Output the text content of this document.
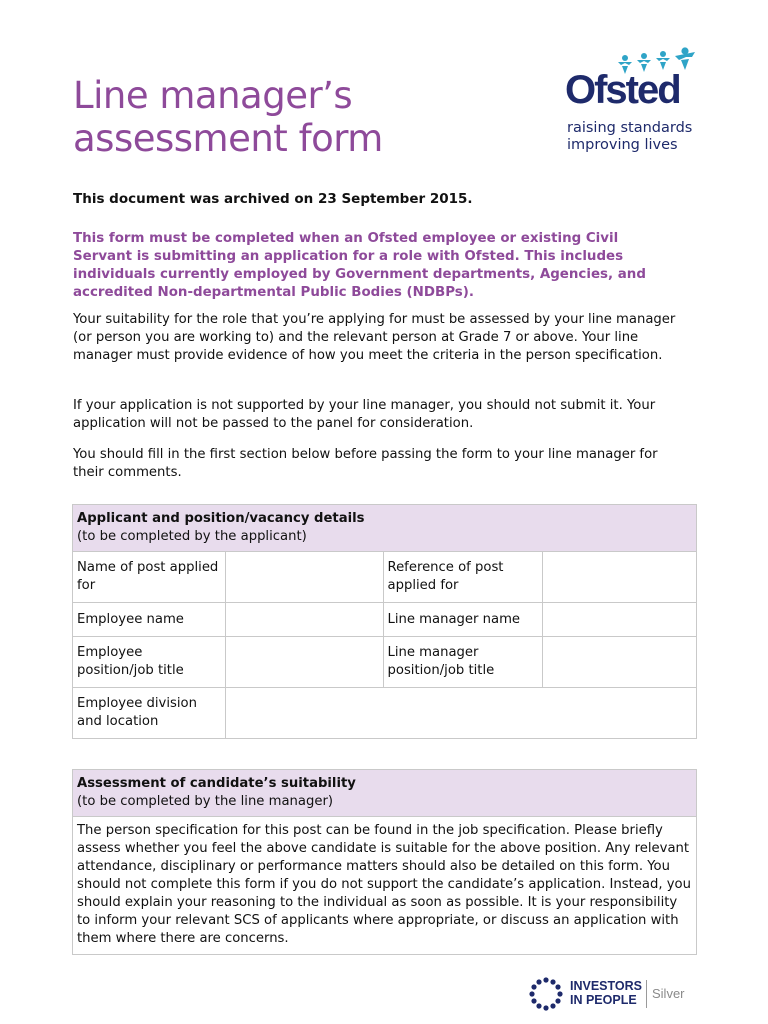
Line manager’s
assessment form
Ofsted
raising standards
improving lives

This document was archived on 23 September 2015.

This form must be completed when an Ofsted employee or existing Civil Servant is submitting an application for a role with Ofsted. This includes individuals currently employed by Government departments, Agencies, and accredited Non-departmental Public Bodies (NDBPs).

Your suitability for the role that you’re applying for must be assessed by your line manager (or person you are working to) and the relevant person at Grade 7 or above. Your line manager must provide evidence of how you meet the criteria in the person specification.

If your application is not supported by your line manager, you should not submit it. Your application will not be passed to the panel for consideration.

You should fill in the first section below before passing the form to your line manager for their comments.

Applicant and position/vacancy details
(to be completed by the applicant)			
Name of post applied for		Reference of post applied for	
Employee name		Line manager name	
Employee position/job title		Line manager position/job title	
Employee division and location			
Assessment of candidate’s suitability
(to be completed by the line manager)
The person specification for this post can be found in the job specification. Please briefly assess whether you feel the above candidate is suitable for the above position. Any relevant attendance, disciplinary or performance matters should also be detailed on this form. You should not complete this form if you do not support the candidate’s application. Instead, you should explain your reasoning to the individual as soon as possible. It is your responsibility to inform your relevant SCS of applicants where appropriate, or discuss an application with them where there are concerns.
INVESTORS
IN PEOPLE	Silver
